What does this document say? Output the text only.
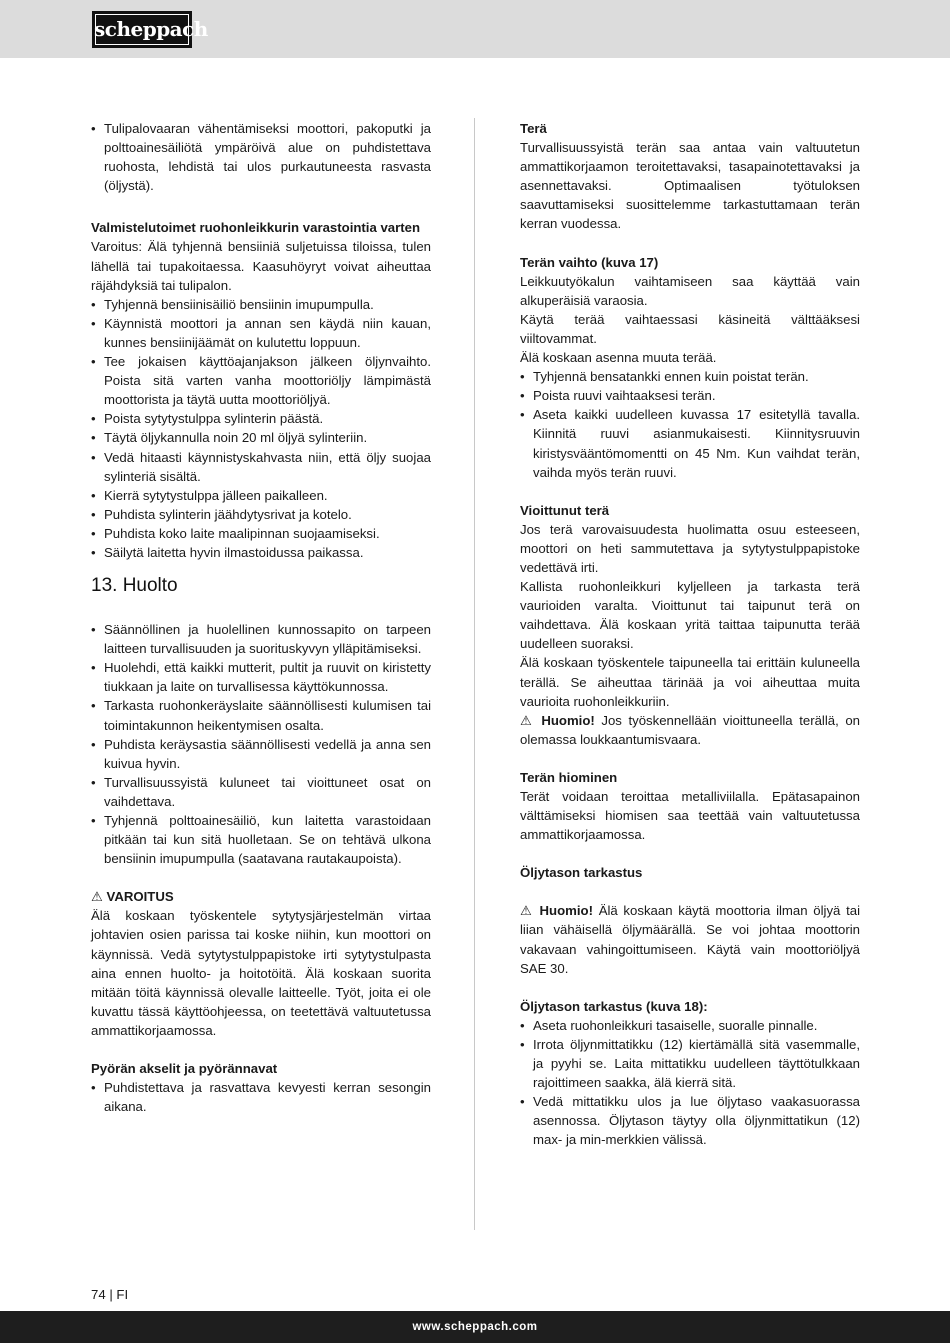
scheppach
• Tulipalovaaran vähentämiseksi moottori, pakoputki ja polttoainesäiliötä ympäröivä alue on puhdistettava ruohosta, lehdistä tai ulos purkautuneesta rasvasta (öljystä).
Valmistelutoimet ruohonleikkurin varastointia varten

Varoitus: Älä tyhjennä bensiiniä suljetuissa tiloissa, tulen lähellä tai tupakoitaessa. Kaasuhöyryt voivat aiheuttaa räjähdyksiä tai tulipalon.

• Tyhjennä bensiinisäiliö bensiinin imupumpulla.
• Käynnistä moottori ja annan sen käydä niin kauan, kunnes bensiinijäämät on kulutettu loppuun.
• Tee jokaisen käyttöajanjakson jälkeen öljynvaihto. Poista sitä varten vanha moottoriöljy lämpimästä moottorista ja täytä uutta moottoriöljyä.
• Poista sytytystulppa sylinterin päästä.
• Täytä öljykannulla noin 20 ml öljyä sylinteriin.
• Vedä hitaasti käynnistyskahvasta niin, että öljy suojaa sylinteriä sisältä.
• Kierrä sytytystulppa jälleen paikalleen.
• Puhdista sylinterin jäähdytysrivat ja kotelo.
• Puhdista koko laite maalipinnan suojaamiseksi.
• Säilytä laitetta hyvin ilmastoidussa paikassa.
13. Huolto
• Säännöllinen ja huolellinen kunnossapito on tarpeen laitteen turvallisuuden ja suorituskyvyn ylläpitämiseksi.
• Huolehdi, että kaikki mutterit, pultit ja ruuvit on kiristetty tiukkaan ja laite on turvallisessa käyttökunnossa.
• Tarkasta ruohonkeräyslaite säännöllisesti kulumisen tai toimintakunnon heikentymisen osalta.
• Puhdista keräysastia säännöllisesti vedellä ja anna sen kuivua hyvin.
• Turvallisuussyistä kuluneet tai vioittuneet osat on vaihdettava.
• Tyhjennä polttoainesäiliö, kun laitetta varastoidaan pitkään tai kun sitä huolletaan. Se on tehtävä ulkona bensiinin imupumpulla (saatavana rautakaupoista).
⚠ VAROITUS

Älä koskaan työskentele sytytysjärjestelmän virtaa johtavien osien parissa tai koske niihin, kun moottori on käynnissä. Vedä sytytystulppapistoke irti sytytystulpasta aina ennen huolto- ja hoitotöitä. Älä koskaan suorita mitään töitä käynnissä olevalle laitteelle. Työt, joita ei ole kuvattu tässä käyttöohjeessa, on teetettävä valtuutetussa ammattikorjaamossa.

Pyörän akselit ja pyörännavat
• Puhdistettava ja rasvattava kevyesti kerran sesongin aikana.
Terä

Turvallisuussyistä terän saa antaa vain valtuutetun ammattikorjaamon teroitettavaksi, tasapainotettavaksi ja asennettavaksi. Optimaalisen työtuloksen saavuttamiseksi suosittelemme tarkastuttamaan terän kerran vuodessa.

Terän vaihto (kuva 17)

Leikkuutyökalun vaihtamiseen saa käyttää vain alkuperäisiä varaosia.

Käytä terää vaihtaessasi käsineitä välttääksesi viiltovammat.

Älä koskaan asenna muuta terää.

• Tyhjennä bensatankki ennen kuin poistat terän.
• Poista ruuvi vaihtaaksesi terän.
• Aseta kaikki uudelleen kuvassa 17 esitetyllä tavalla. Kiinnitä ruuvi asianmukaisesti. Kiinnitysruuvin kiristysvääntömomentti on 45 Nm. Kun vaihdat terän, vaihda myös terän ruuvi.
Vioittunut terä

Jos terä varovaisuudesta huolimatta osuu esteeseen, moottori on heti sammutettava ja sytytystulppapistoke vedettävä irti.

Kallista ruohonleikkuri kyljelleen ja tarkasta terä vaurioiden varalta. Vioittunut tai taipunut terä on vaihdettava. Älä koskaan yritä taittaa taipunutta terää uudelleen suoraksi.

Älä koskaan työskentele taipuneella tai erittäin kuluneella terällä. Se aiheuttaa tärinää ja voi aiheuttaa muita vaurioita ruohonleikkuriin.

⚠ Huomio! Jos työskennellään vioittuneella terällä, on olemassa loukkaantumisvaara.

Terän hiominen

Terät voidaan teroittaa metalliviilalla. Epätasapainon välttämiseksi hiomisen saa teettää vain valtuutetussa ammattikorjaamossa.

Öljytason tarkastus

⚠ Huomio! Älä koskaan käytä moottoria ilman öljyä tai liian vähäisellä öljymäärällä. Se voi johtaa moottorin vakavaan vahingoittumiseen. Käytä vain moottoriöljyä SAE 30.

Öljytason tarkastus (kuva 18):
• Aseta ruohonleikkuri tasaiselle, suoralle pinnalle.
• Irrota öljynmittatikku (12) kiertämällä sitä vasemmalle, ja pyyhi se. Laita mittatikku uudelleen täyttötulkkaan rajoittimeen saakka, älä kierrä sitä.
• Vedä mittatikku ulos ja lue öljytaso vaakasuorassa asennossa. Öljytason täytyy olla öljynmittatikun (12) max- ja min-merkkien välissä.
74 | FI
www.scheppach.com
